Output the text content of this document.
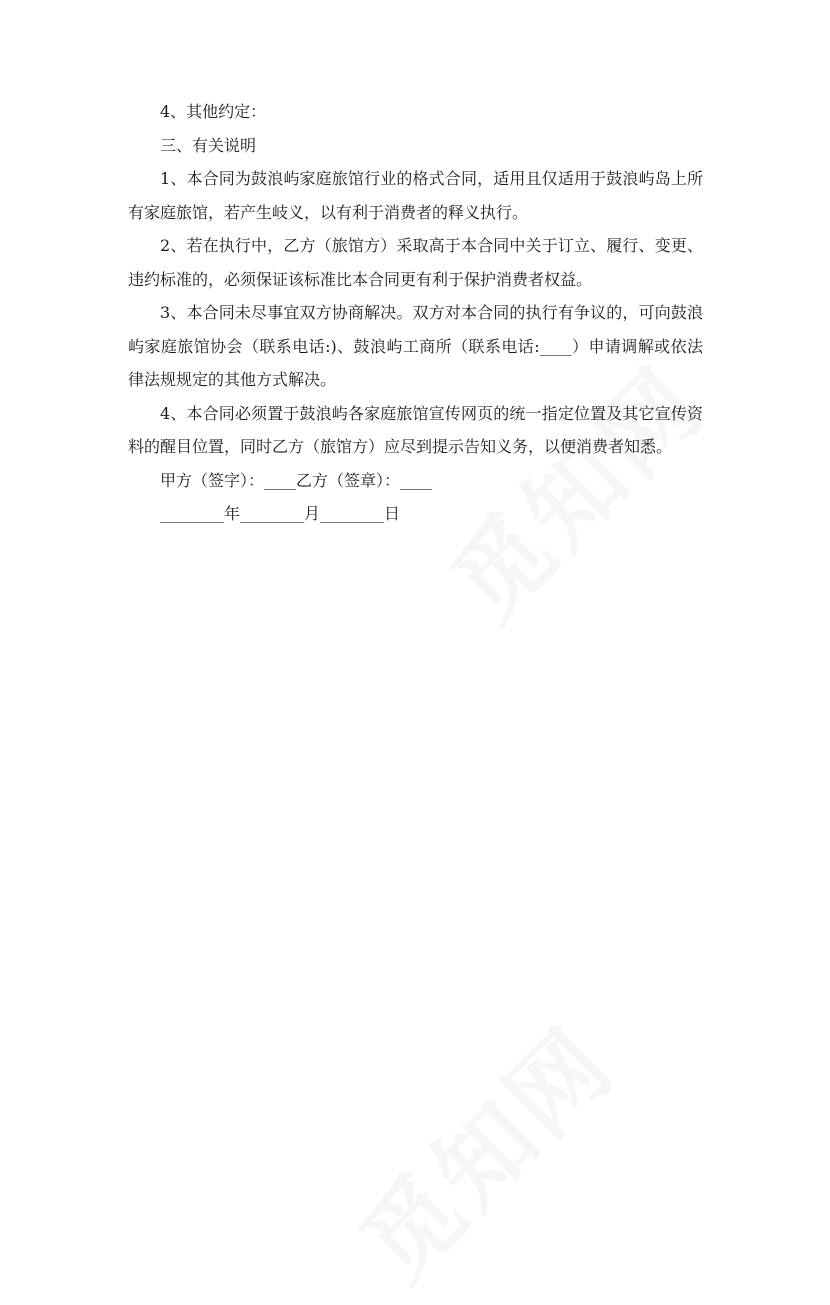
4、其他约定：

三、有关说明

1、本合同为鼓浪屿家庭旅馆行业的格式合同，适用且仅适用于鼓浪屿岛上所有家庭旅馆，若产生岐义，以有利于消费者的释义执行。

2、若在执行中，乙方（旅馆方）采取高于本合同中关于订立、履行、变更、违约标准的，必须保证该标准比本合同更有利于保护消费者权益。

3、本合同未尽事宜双方协商解决。双方对本合同的执行有争议的，可向鼓浪屿家庭旅馆协会（联系电话:)、鼓浪屿工商所（联系电话:____）申请调解或依法律法规规定的其他方式解决。

4、本合同必须置于鼓浪屿各家庭旅馆宣传网页的统一指定位置及其它宣传资料的醒目位置，同时乙方（旅馆方）应尽到提示告知义务，以便消费者知悉。

甲方（签字）：____乙方（签章）：____

________年________月________日
